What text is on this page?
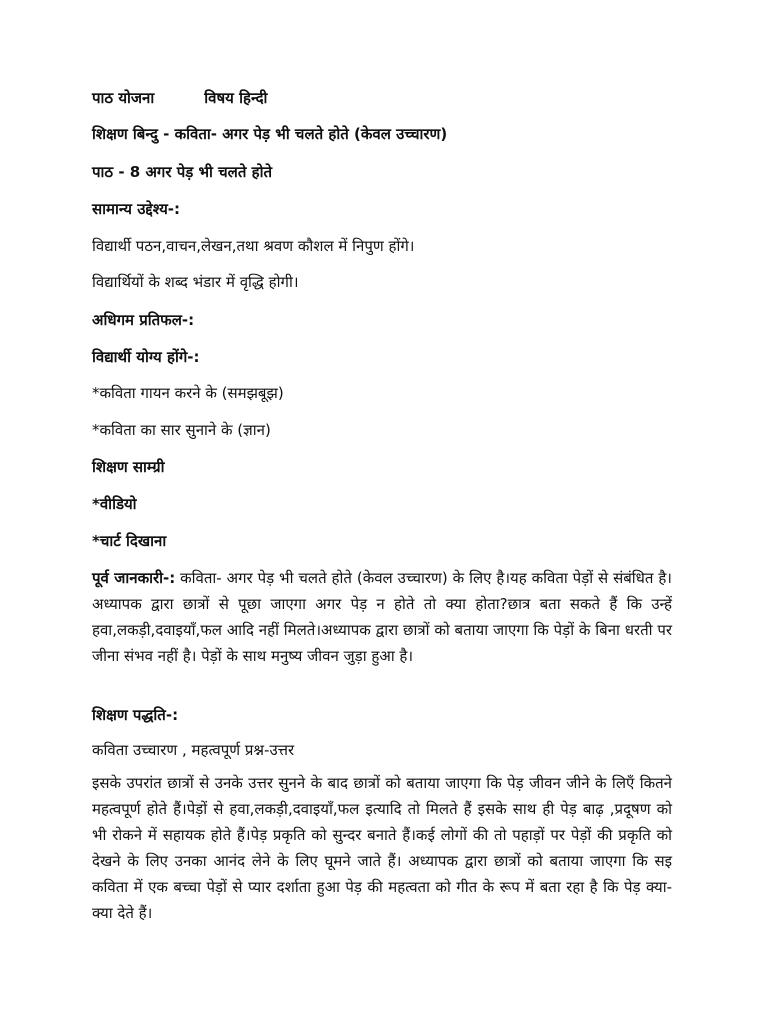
पाठ योजना	विषय हिन्दी
शिक्षण बिन्दु - कविता- अगर पेड़ भी चलते होते (केवल उच्चारण)
पाठ - 8 अगर पेड़ भी चलते होते
सामान्य उद्देश्य-:
विद्यार्थी पठन,वाचन,लेखन,तथा श्रवण कौशल में निपुण होंगे।
विद्यार्थियों के शब्द भंडार में वृद्धि होगी।
अधिगम प्रतिफल-:
विद्यार्थी योग्य होंगे-:
*कविता गायन करने के (समझबूझ)
*कविता का सार सुनाने के (ज्ञान)
शिक्षण साम्ग्री
*वीडियो
*चार्ट दिखाना
पूर्व जानकारी-: कविता- अगर पेड़ भी चलते होते (केवल उच्चारण) के लिए है।यह कविता पेड़ों से संबंधित है।अध्यापक द्वारा छात्रों से पूछा जाएगा अगर पेड़ न होते तो क्या होता?छात्र बता सकते हैं कि उन्हें हवा,लकड़ी,दवाइयाँ,फल आदि नहीं मिलते।अध्यापक द्वारा छात्रों को बताया जाएगा कि पेड़ों के बिना धरती पर जीना संभव नहीं है। पेड़ों के साथ मनुष्य जीवन जुड़ा हुआ है।
शिक्षण पद्धति-:
कविता उच्चारण , महत्वपूर्ण प्रश्न-उत्तर
इसके उपरांत छात्रों से उनके उत्तर सुनने के बाद छात्रों को बताया जाएगा कि पेड़ जीवन जीने के लिएँ कितने महत्वपूर्ण होते हैं।पेड़ों से हवा,लकड़ी,दवाइयाँ,फल इत्यादि तो मिलते हैं इसके साथ ही पेड़ बाढ़ ,प्रदूषण को भी रोकने में सहायक होते हैं।पेड़ प्रकृति को सुन्दर बनाते हैं।कई लोगों की तो पहाड़ों पर पेड़ों की प्रकृति को देखने के लिए उनका आनंद लेने के लिए घूमने जाते हैं। अध्यापक द्वारा छात्रों को बताया जाएगा कि सइ कविता में एक बच्चा पेड़ों से प्यार दर्शाता हुआ पेड़ की महत्वता को गीत के रूप में बता रहा है कि पेड़ क्या-क्या देते हैं।
